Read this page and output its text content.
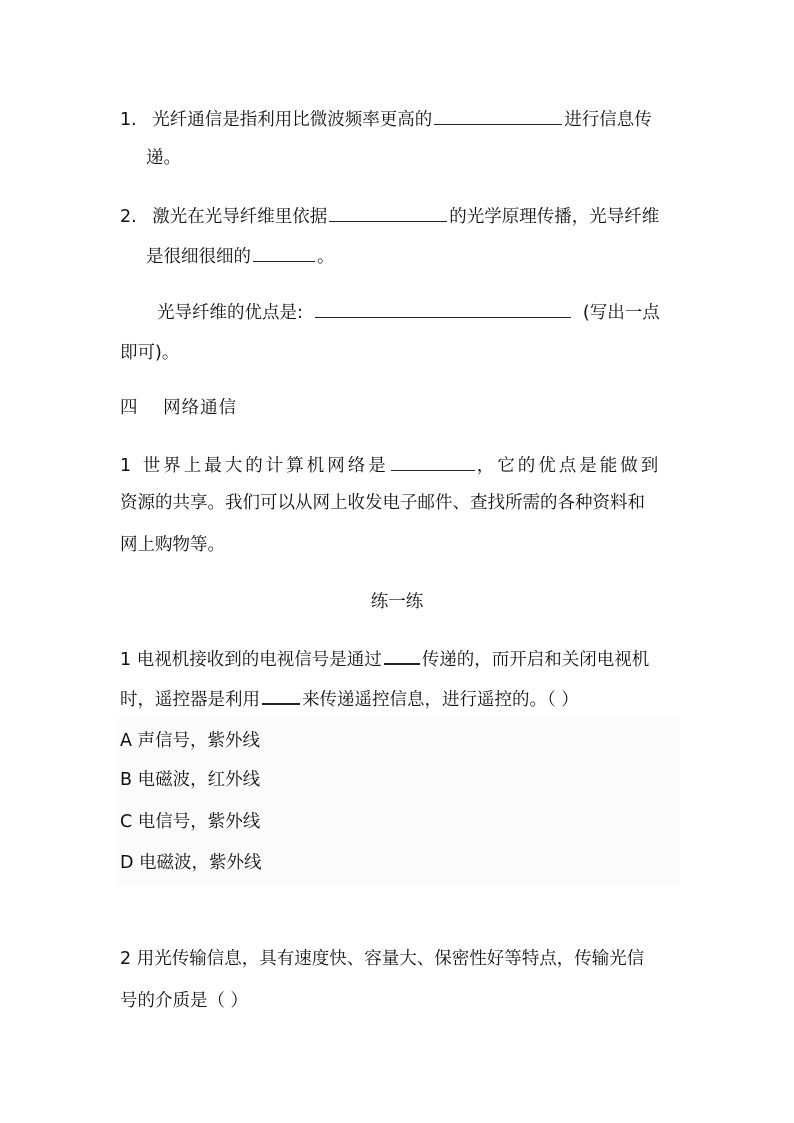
1. 光纤通信是指利用比微波频率更高的	进行信息传
递。
2. 激光在光导纤维里依据	的光学原理传播，光导纤维
是很细很细的	。
光导纤维的优点是:	(写出一点
即可)。
四 网络通信
1 世界上最大的计算机网络是	，它的优点是能做到
资源的共享。我们可以从网上收发电子邮件、查找所需的各种资料和
网上购物等。
练一练
1 电视机接收到的电视信号是通过 传递的，而开启和关闭电视机
时，遥控器是利用 来传递遥控信息，进行遥控的。（ ）
A 声信号，紫外线
B 电磁波，红外线
C 电信号，紫外线
D 电磁波，紫外线
2 用光传输信息，具有速度快、容量大、保密性好等特点，传输光信
号的介质是（ ）
